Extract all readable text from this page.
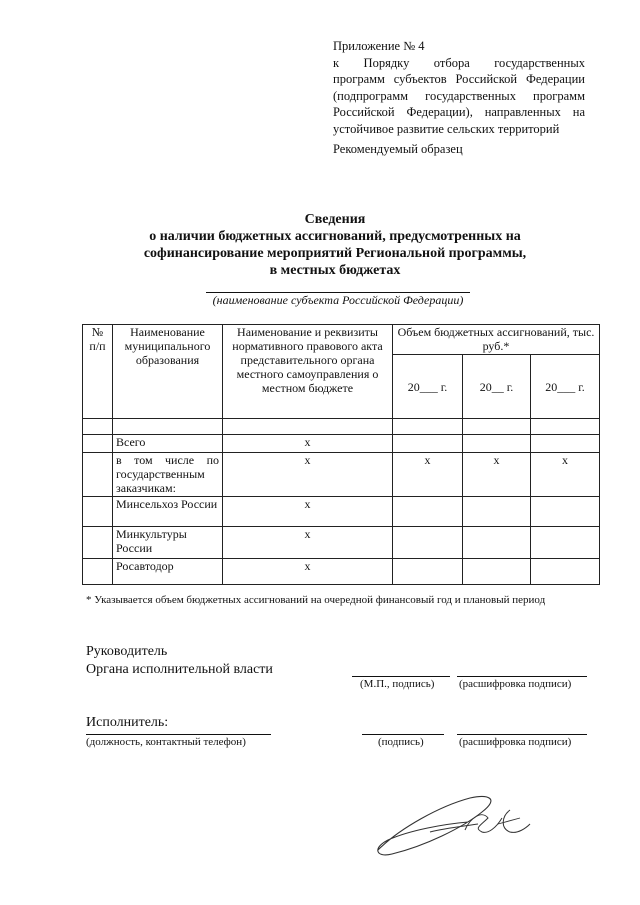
Приложение № 4
к Порядку отбора государственных
программ субъектов Российской Федерации
(подпрограмм государственных программ
Российской Федерации), направленных на
устойчивое развитие сельских территорий
Рекомендуемый образец
Сведения
о наличии бюджетных ассигнований, предусмотренных на
софинансирование мероприятий Региональной программы,
в местных бюджетах
(наименование субъекта Российской Федерации)
№ п/п	Наименование муниципального образования	Наименование и реквизиты нормативного правового акта представительного органа местного самоуправления о местном бюджете	Объем бюджетных ассигнований, тыс. руб.*		
			20___ г.	20__ г.	20___ г.

	Всего	х			
	в том числе по государственным заказчикам:	х	х	х	х
	Минсельхоз России	х			
	Минкультуры России	х			
	Росавтодор	х			
* Указывается объем бюджетных ассигнований на очередной финансовый год и плановый период
Руководитель
Органа исполнительной власти
(М.П., подпись) (расшифровка подписи)
Исполнитель:
(должность, контактный телефон)	(подпись)	(расшифровка подписи)
